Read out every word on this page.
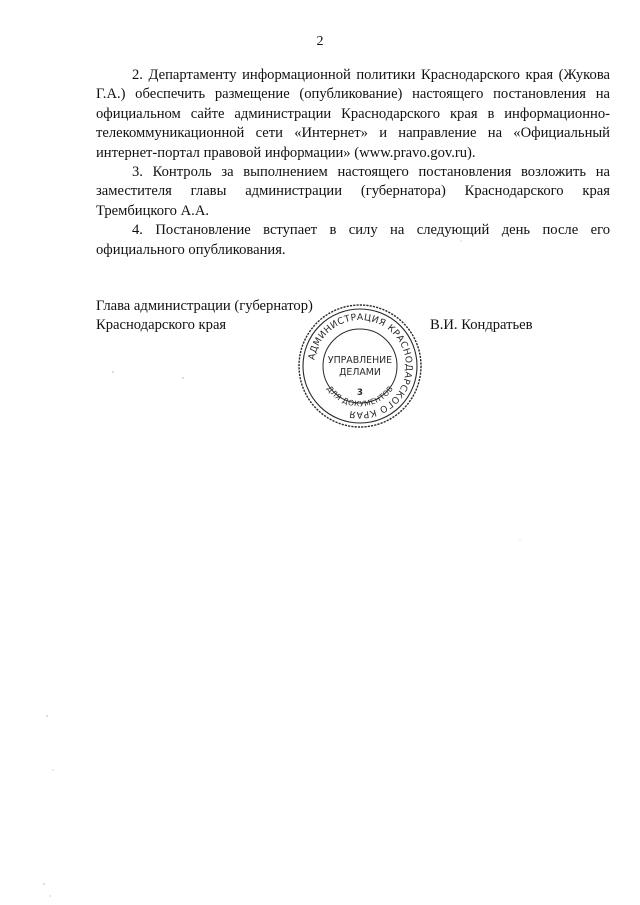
2

2. Департаменту информационной политики Краснодарского края (Жукова Г.А.) обеспечить размещение (опубликование) настоящего постановления на официальном сайте администрации Краснодарского края в информационно-телекоммуникационной сети «Интернет» и направление на «Официальный интернет-портал правовой информации» (www.pravo.gov.ru).

3. Контроль за выполнением настоящего постановления возложить на заместителя главы администрации (губернатора) Краснодарского края Трембицкого А.А.

4. Постановление вступает в силу на следующий день после его официального опубликования.

Глава администрации (губернатор)
Краснодарского края	В.И. Кондратьев
АДМИНИСТРАЦИЯ КРАСНОДАРСКОГО КРАЯ
ДЛЯ ДОКУМЕНТОВ
УПРАВЛЕНИЕ
ДЕЛАМИ
3
